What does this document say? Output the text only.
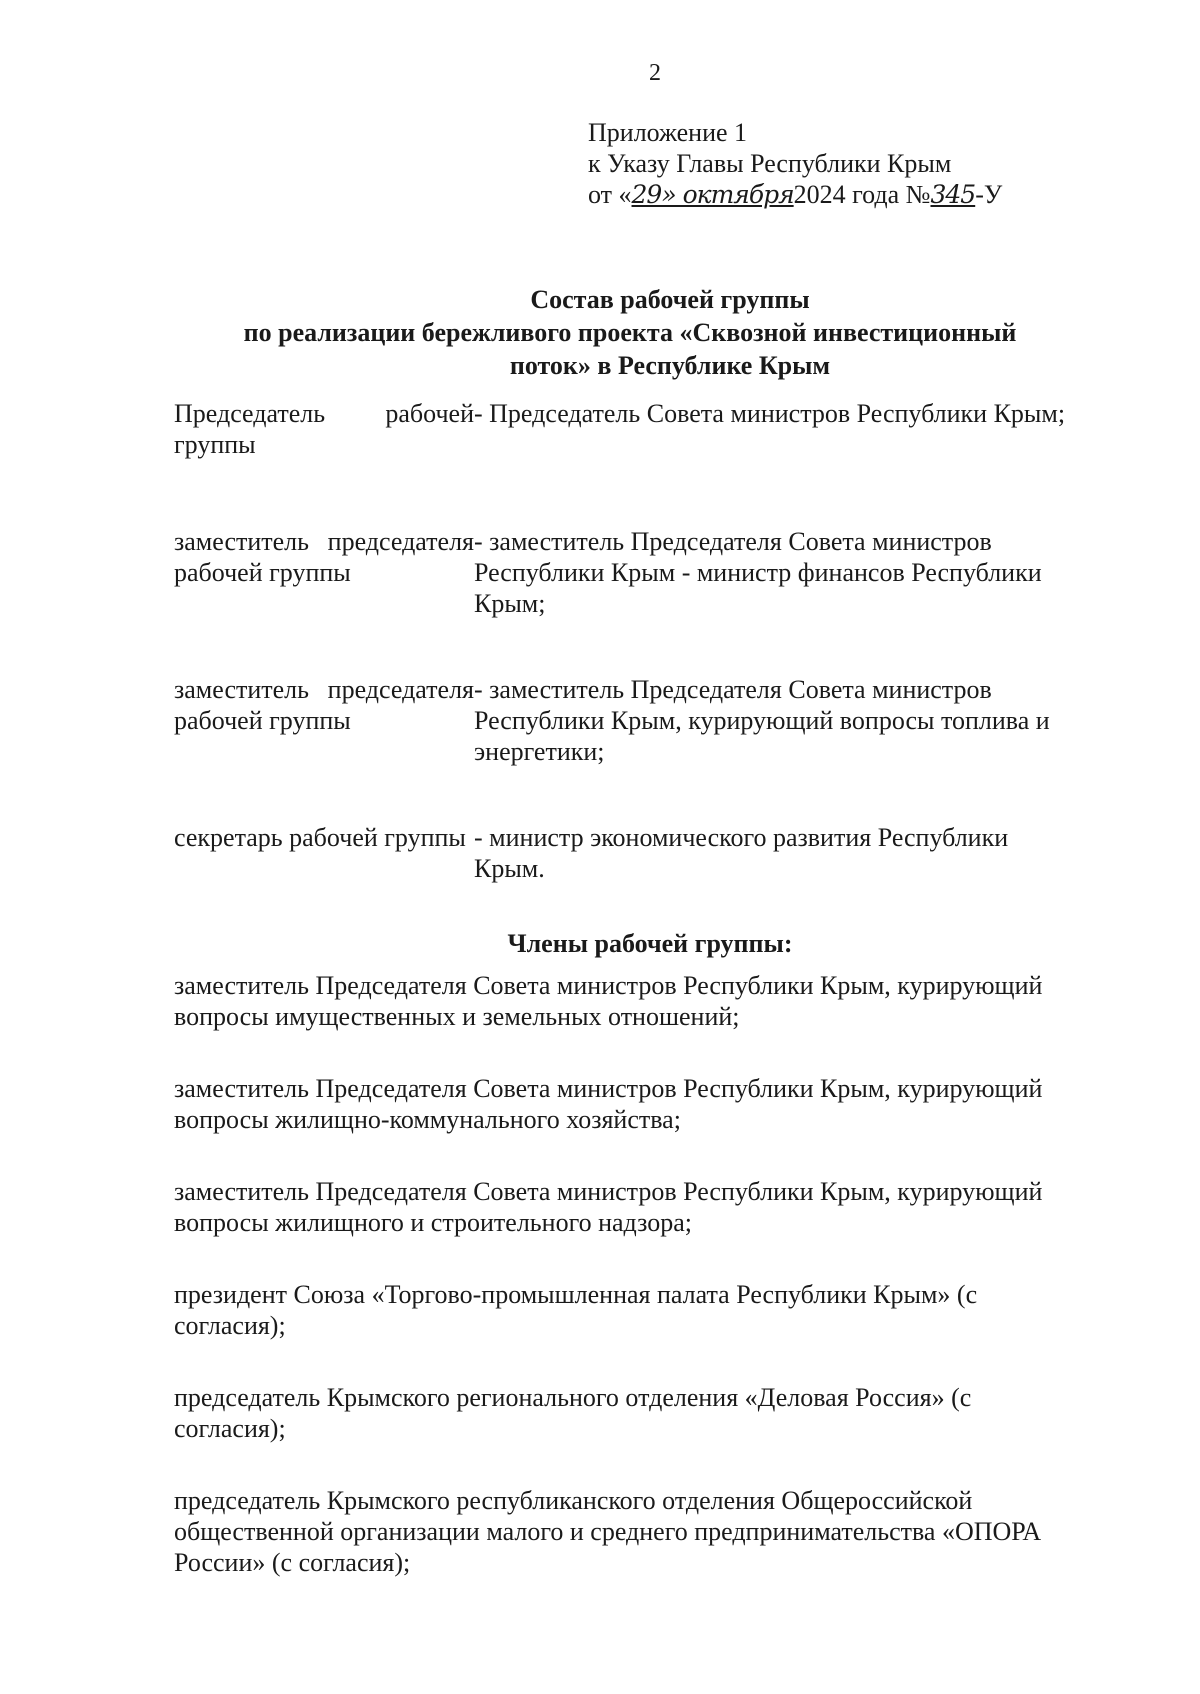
2
Приложение 1
к Указу Главы Республики Крым
от «29» октября2024 года №345-У
Состав рабочей группы
по реализации бережливого проекта «Сквозной инвестиционный
поток» в Республике Крым
Председатель рабочей группы
- Председатель Совета министров Республики Крым;
заместитель председателя рабочей группы
- заместитель Председателя Совета министров Республики Крым - министр финансов Республики Крым;
заместитель председателя рабочей группы
- заместитель Председателя Совета министров Республики Крым, курирующий вопросы топлива и энергетики;
секретарь рабочей группы - министр экономического развития Республики Крым.
Члены рабочей группы:
заместитель Председателя Совета министров Республики Крым, курирующий вопросы имущественных и земельных отношений;
заместитель Председателя Совета министров Республики Крым, курирующий вопросы жилищно-коммунального хозяйства;
заместитель Председателя Совета министров Республики Крым, курирующий вопросы жилищного и строительного надзора;
президент Союза «Торгово-промышленная палата Республики Крым» (с согласия);
председатель Крымского регионального отделения «Деловая Россия» (с согласия);
председатель Крымского республиканского отделения Общероссийской общественной организации малого и среднего предпринимательства «ОПОРА России» (с согласия);
